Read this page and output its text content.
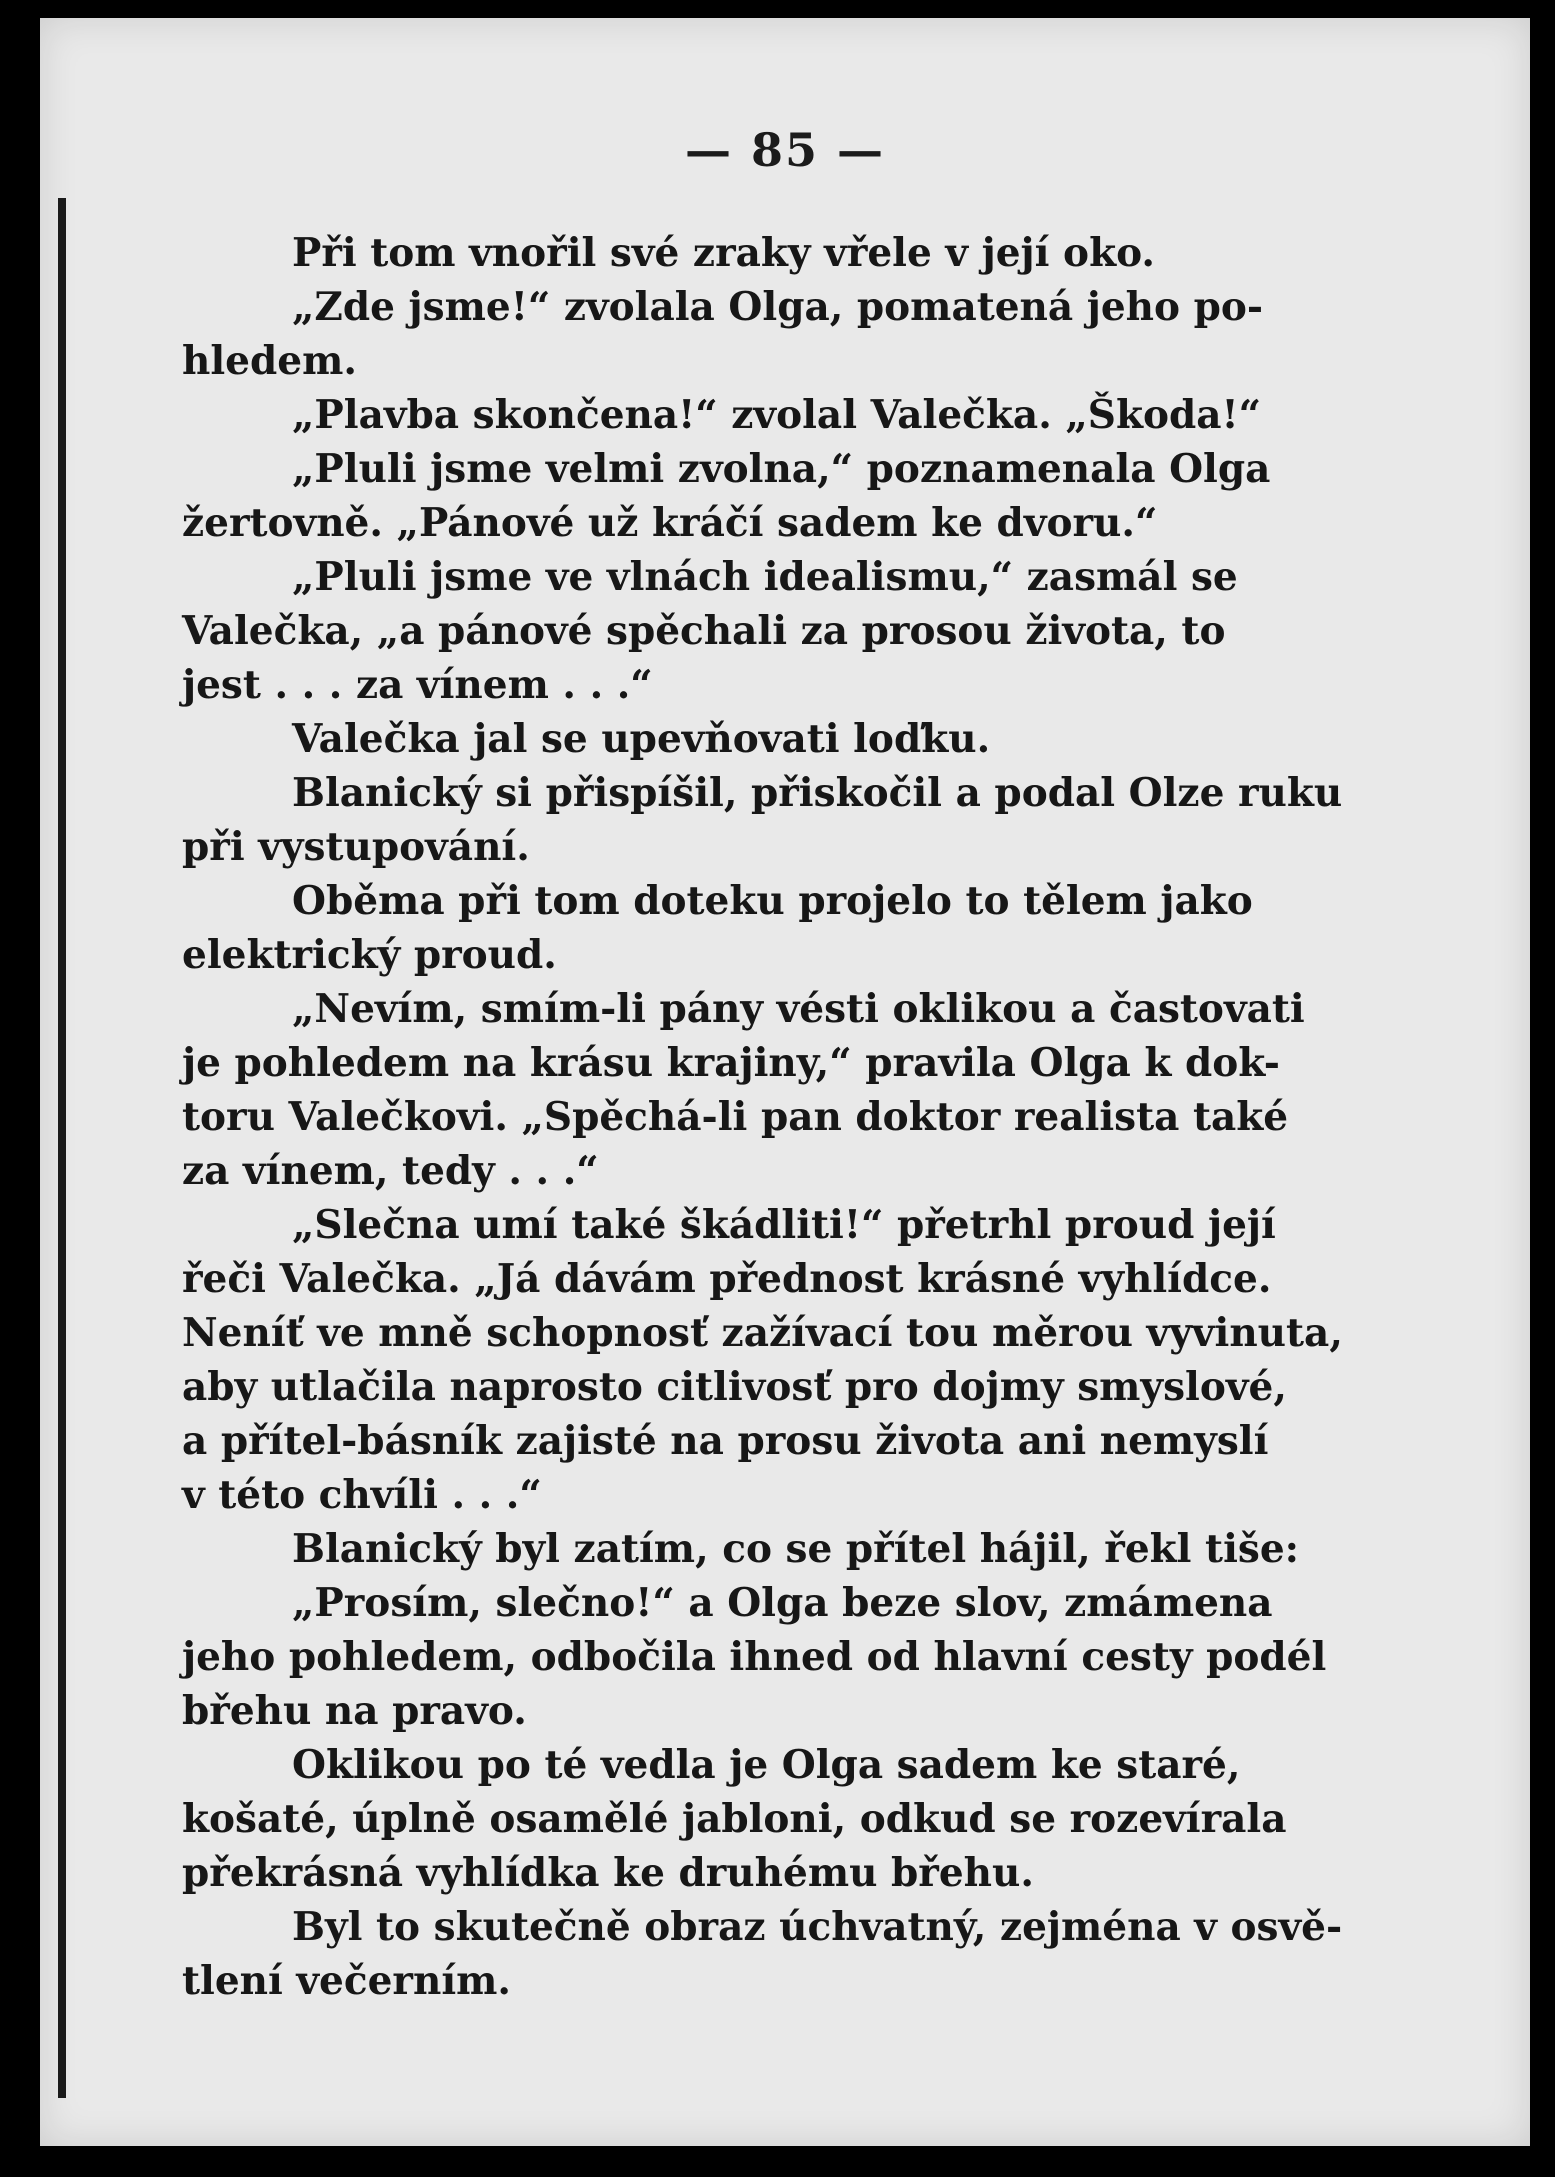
— 85 —
Při tom vnořil své zraky vřele v její oko.
„Zde jsme!“ zvolala Olga, pomatená jeho po-
hledem.
„Plavba skončena!“ zvolal Valečka. „Škoda!“
„Pluli jsme velmi zvolna,“ poznamenala Olga
žertovně. „Pánové už kráčí sadem ke dvoru.“
„Pluli jsme ve vlnách idealismu,“ zasmál se
Valečka, „a pánové spěchali za prosou života, to
jest . . . za vínem . . .“
Valečka jal se upevňovati loďku.
Blanický si přispíšil, přiskočil a podal Olze ruku
při vystupování.
Oběma při tom doteku projelo to tělem jako
elektrický proud.
„Nevím, smím-li pány vésti oklikou a častovati
je pohledem na krásu krajiny,“ pravila Olga k dok-
toru Valečkovi. „Spěchá-li pan doktor realista také
za vínem, tedy . . .“
„Slečna umí také škádliti!“ přetrhl proud její
řeči Valečka. „Já dávám přednost krásné vyhlídce.
Neníť ve mně schopnosť zažívací tou měrou vyvinuta,
aby utlačila naprosto citlivosť pro dojmy smyslové,
a přítel-básník zajisté na prosu života ani nemyslí
v této chvíli . . .“
Blanický byl zatím, co se přítel hájil, řekl tiše:
„Prosím, slečno!“ a Olga beze slov, zmámena
jeho pohledem, odbočila ihned od hlavní cesty podél
břehu na pravo.
Oklikou po té vedla je Olga sadem ke staré,
košaté, úplně osamělé jabloni, odkud se rozevírala
překrásná vyhlídka ke druhému břehu.
Byl to skutečně obraz úchvatný, zejména v osvě-
tlení večerním.
